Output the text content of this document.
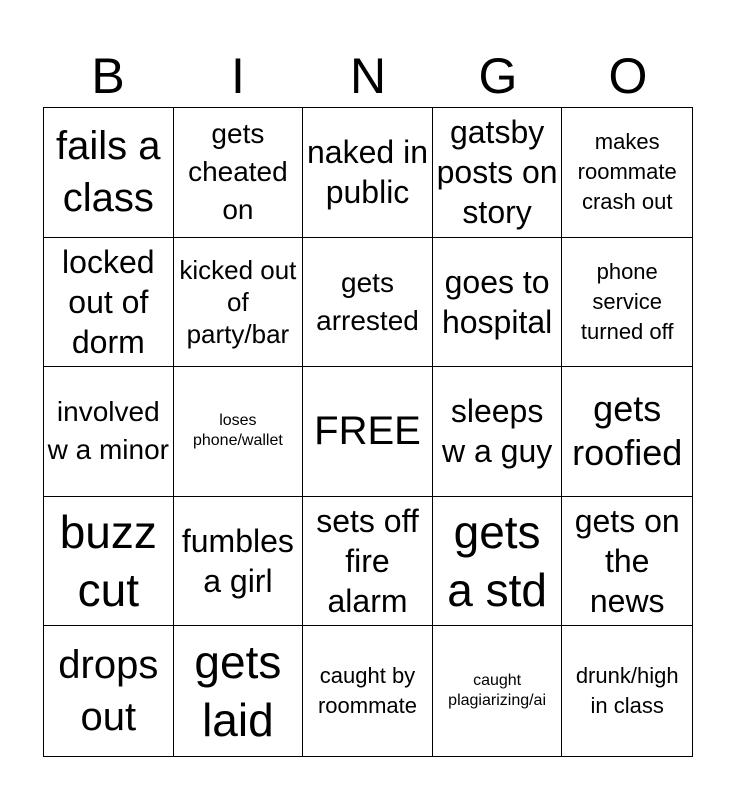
B	I	N	G	O
fails a class
gets cheated on
naked in public
gatsby posts on story
makes roommate crash out
locked out of dorm
kicked out of party/bar
gets arrested
goes to hospital
phone service turned off
involved w a minor
loses phone/wallet FREE sleeps w a guy
gets roofied
buzz cut
fumbles a girl
sets off fire alarm
gets a std
gets on the news
drops out
gets laid
caught by roommate
caught plagiarizing/ai
drunk/high in class
